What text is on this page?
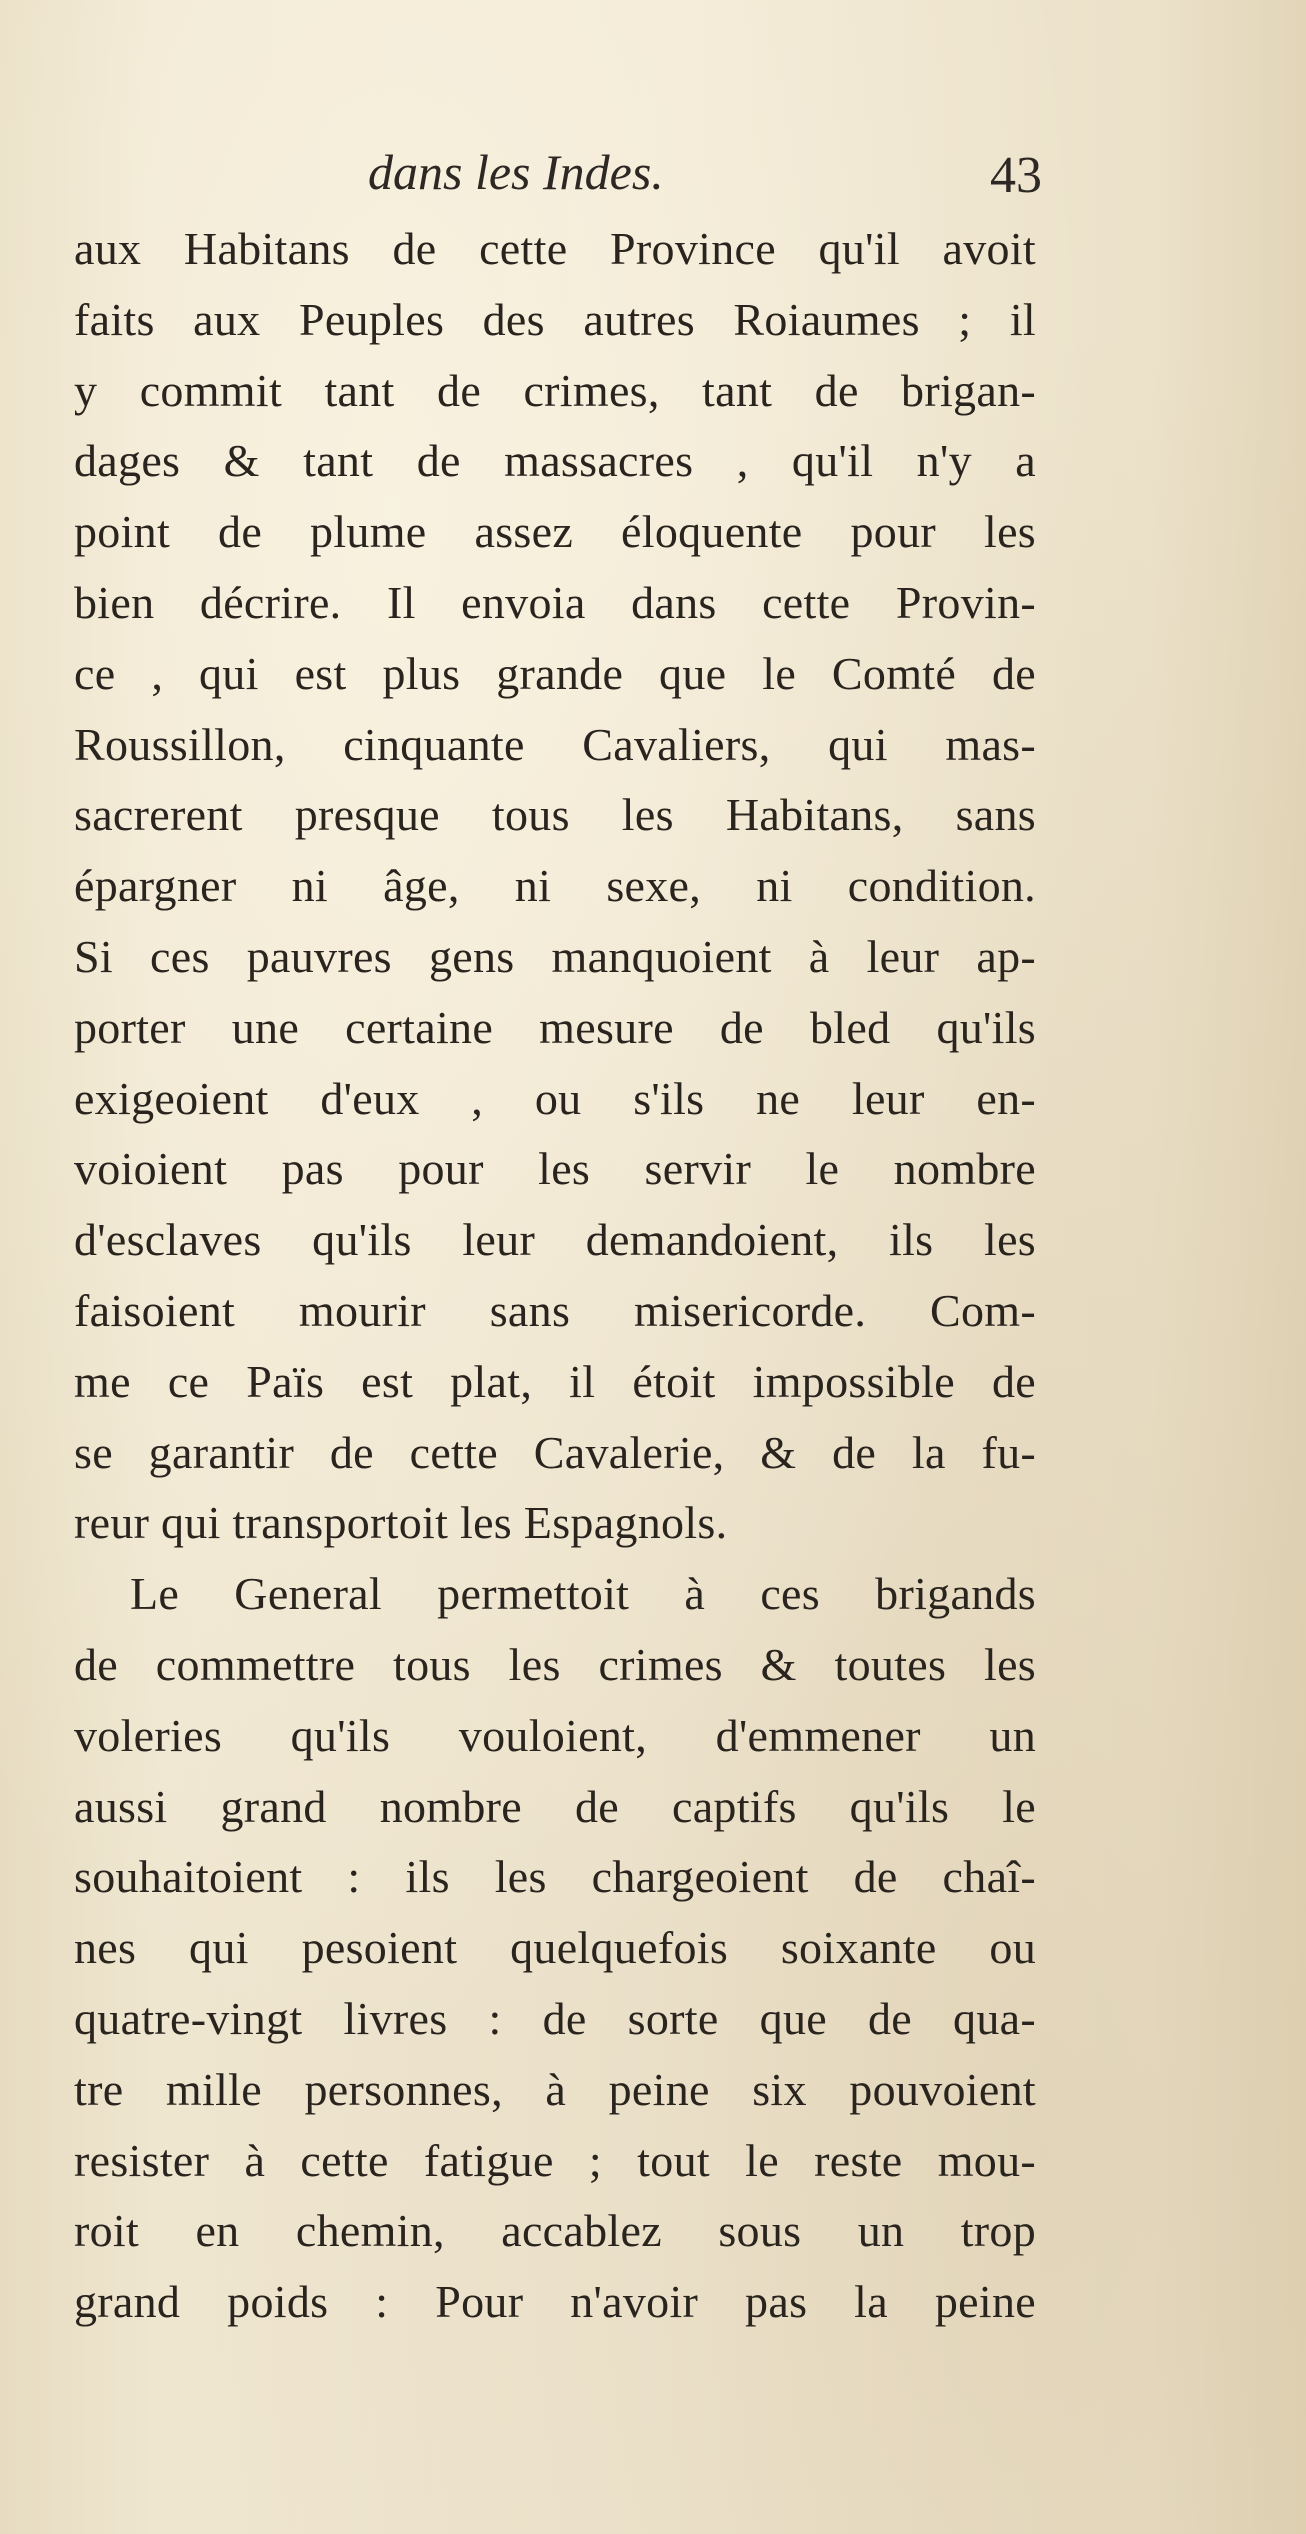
dans les Indes.	43
aux Habitans de cette Province qu'il avoit
faits aux Peuples des autres Roiaumes ; il
y commit tant de crimes, tant de brigan-
dages & tant de massacres , qu'il n'y a
point de plume assez éloquente pour les
bien décrire. Il envoia dans cette Provin-
ce , qui est plus grande que le Comté de
Roussillon, cinquante Cavaliers, qui mas-
sacrerent presque tous les Habitans, sans
épargner ni âge, ni sexe, ni condition.
Si ces pauvres gens manquoient à leur ap-
porter une certaine mesure de bled qu'ils
exigeoient d'eux , ou s'ils ne leur en-
voioient pas pour les servir le nombre
d'esclaves qu'ils leur demandoient, ils les
faisoient mourir sans misericorde. Com-
me ce Païs est plat, il étoit impossible de
se garantir de cette Cavalerie, & de la fu-
reur qui transportoit les Espagnols.
Le General permettoit à ces brigands
de commettre tous les crimes & toutes les
voleries qu'ils vouloient, d'emmener un
aussi grand nombre de captifs qu'ils le
souhaitoient : ils les chargeoient de chaî-
nes qui pesoient quelquefois soixante ou
quatre-vingt livres : de sorte que de qua-
tre mille personnes, à peine six pouvoient
resister à cette fatigue ; tout le reste mou-
roit en chemin, accablez sous un trop
grand poids : Pour n'avoir pas la peine
